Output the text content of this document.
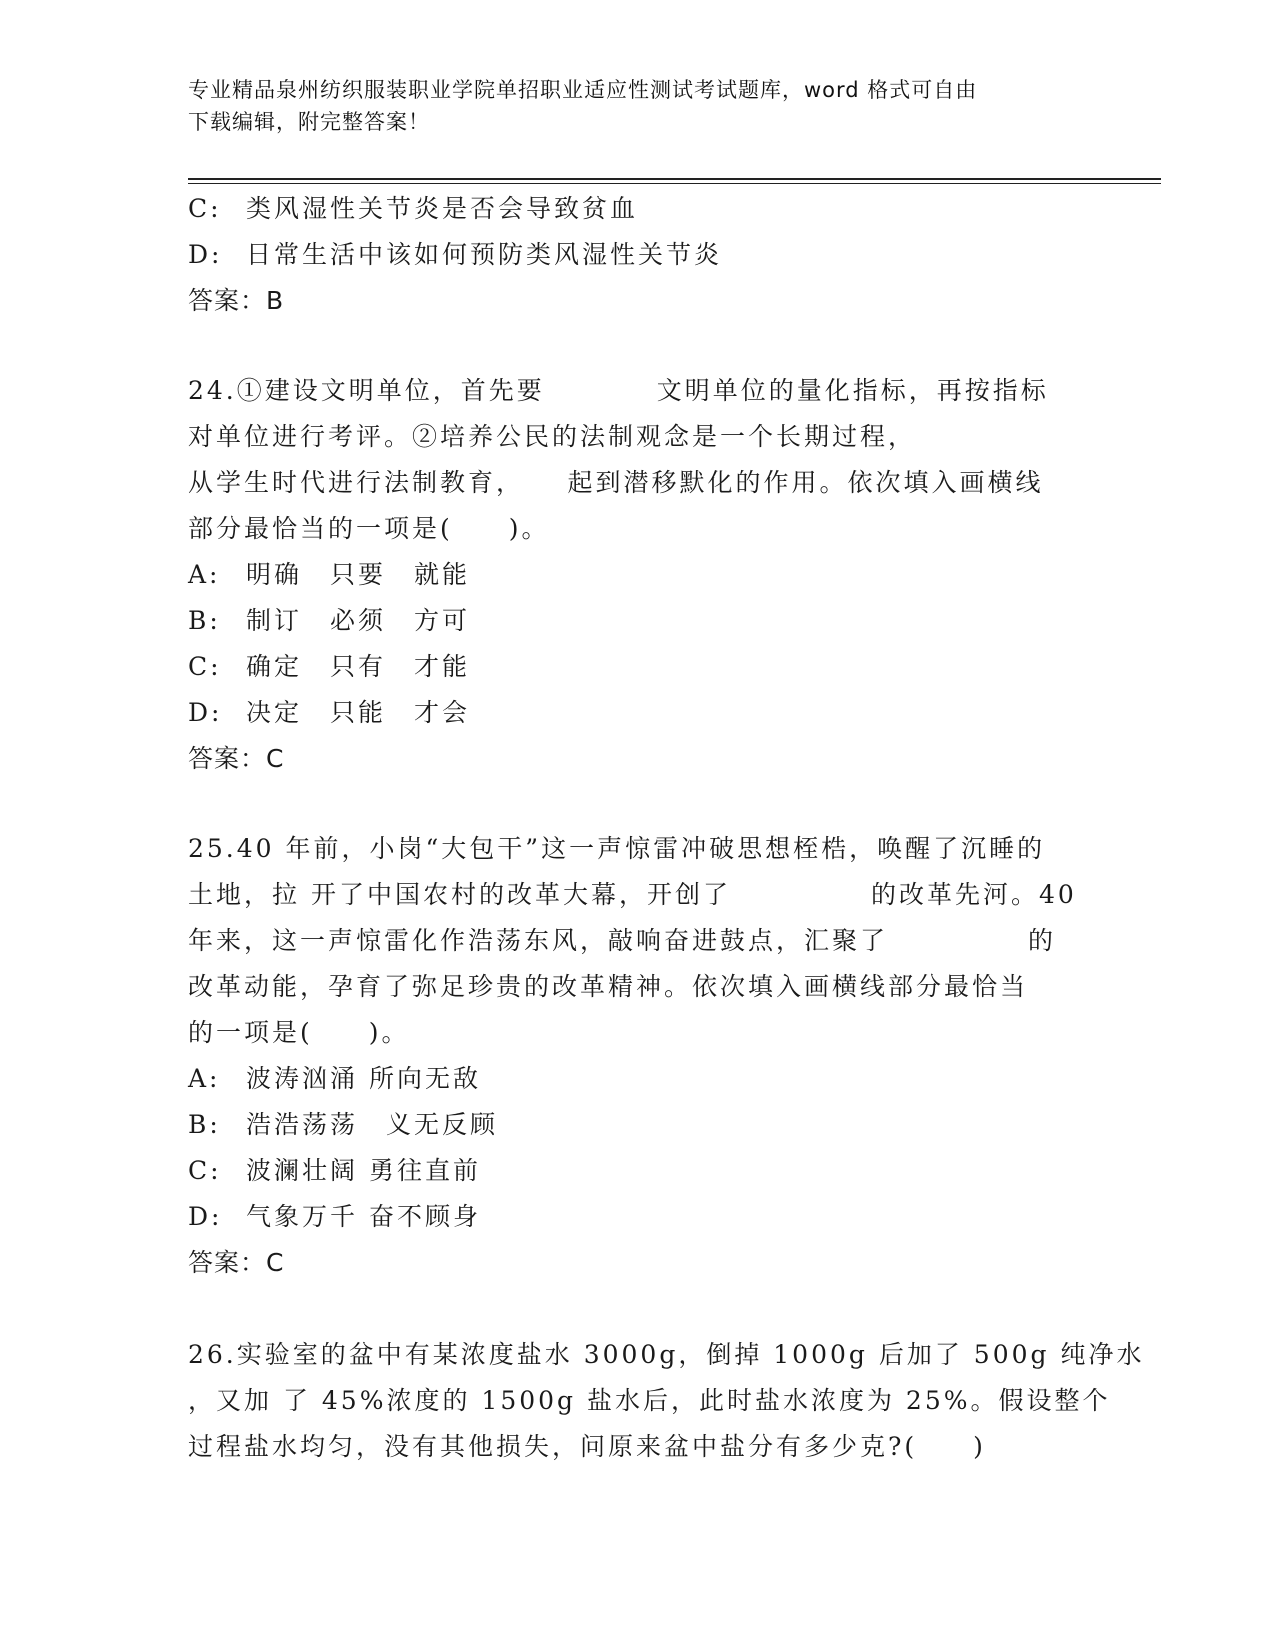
专业精品泉州纺织服装职业学院单招职业适应性测试考试题库，word 格式可自由
下载编辑，附完整答案！
C: 类风湿性关节炎是否会导致贫血
D: 日常生活中该如何预防类风湿性关节炎
答案：B
24.①建设文明单位，首先要　　　　文明单位的量化指标，再按指标
对单位进行考评。②培养公民的法制观念是一个长期过程，
从学生时代进行法制教育，　　起到潜移默化的作用。依次填入画横线
部分最恰当的一项是(　　)。
A: 明确　只要　就能
B: 制订　必须　方可
C: 确定　只有　才能
D: 决定　只能　才会
答案：C
25.40 年前，小岗“大包干”这一声惊雷冲破思想桎梏，唤醒了沉睡的
土地，拉 开了中国农村的改革大幕，开创了　　　　　的改革先河。40
年来，这一声惊雷化作浩荡东风，敲响奋进鼓点，汇聚了　　　　　的
改革动能，孕育了弥足珍贵的改革精神。依次填入画横线部分最恰当
的一项是(　　)。
A: 波涛汹涌 所向无敌
B: 浩浩荡荡　义无反顾
C: 波澜壮阔 勇往直前
D: 气象万千 奋不顾身
答案：C
26.实验室的盆中有某浓度盐水 3000g，倒掉 1000g 后加了 500g 纯净水
，又加 了 45%浓度的 1500g 盐水后，此时盐水浓度为 25%。假设整个
过程盐水均匀，没有其他损失，问原来盆中盐分有多少克?(　　)
